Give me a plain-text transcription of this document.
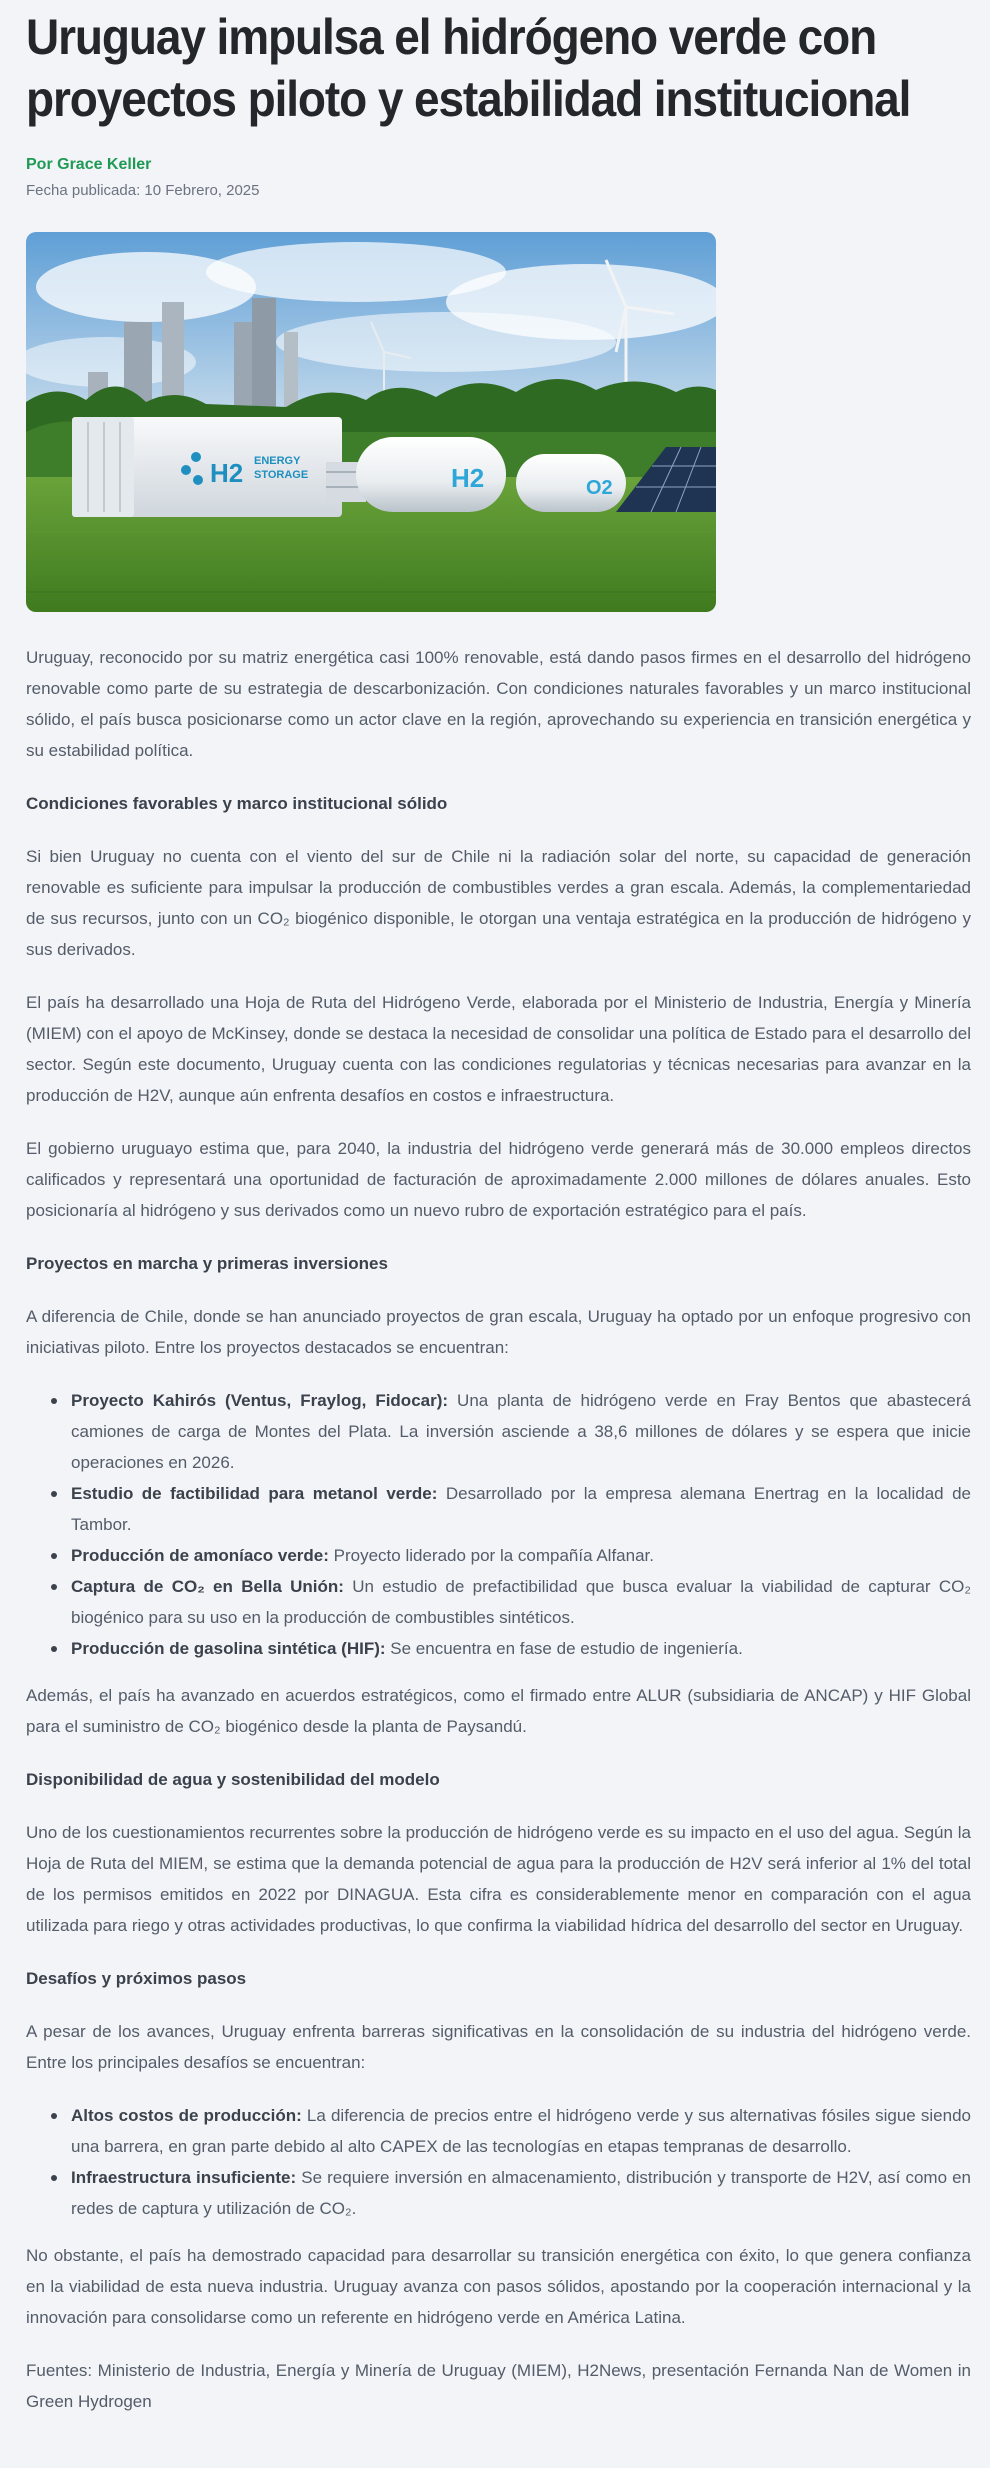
Uruguay impulsa el hidrógeno verde con proyectos piloto y estabilidad institucional
Por Grace Keller
Fecha publicada: 10 Febrero, 2025
H2 ENERGY
STORAGE	H2	O2

Uruguay, reconocido por su matriz energética casi 100% renovable, está dando pasos firmes en el desarrollo del hidrógeno renovable como parte de su estrategia de descarbonización. Con condiciones naturales favorables y un marco institucional sólido, el país busca posicionarse como un actor clave en la región, aprovechando su experiencia en transición energética y su estabilidad política.

Condiciones favorables y marco institucional sólido

Si bien Uruguay no cuenta con el viento del sur de Chile ni la radiación solar del norte, su capacidad de generación renovable es suficiente para impulsar la producción de combustibles verdes a gran escala. Además, la complementariedad de sus recursos, junto con un CO₂ biogénico disponible, le otorgan una ventaja estratégica en la producción de hidrógeno y sus derivados.

El país ha desarrollado una Hoja de Ruta del Hidrógeno Verde, elaborada por el Ministerio de Industria, Energía y Minería (MIEM) con el apoyo de McKinsey, donde se destaca la necesidad de consolidar una política de Estado para el desarrollo del sector. Según este documento, Uruguay cuenta con las condiciones regulatorias y técnicas necesarias para avanzar en la producción de H2V, aunque aún enfrenta desafíos en costos e infraestructura.

El gobierno uruguayo estima que, para 2040, la industria del hidrógeno verde generará más de 30.000 empleos directos calificados y representará una oportunidad de facturación de aproximadamente 2.000 millones de dólares anuales. Esto posicionaría al hidrógeno y sus derivados como un nuevo rubro de exportación estratégico para el país.

Proyectos en marcha y primeras inversiones

A diferencia de Chile, donde se han anunciado proyectos de gran escala, Uruguay ha optado por un enfoque progresivo con iniciativas piloto. Entre los proyectos destacados se encuentran:

Proyecto Kahirós (Ventus, Fraylog, Fidocar): Una planta de hidrógeno verde en Fray Bentos que abastecerá camiones de carga de Montes del Plata. La inversión asciende a 38,6 millones de dólares y se espera que inicie operaciones en 2026.
Estudio de factibilidad para metanol verde: Desarrollado por la empresa alemana Enertrag en la localidad de Tambor.
Producción de amoníaco verde: Proyecto liderado por la compañía Alfanar.
Captura de CO₂ en Bella Unión: Un estudio de prefactibilidad que busca evaluar la viabilidad de capturar CO₂ biogénico para su uso en la producción de combustibles sintéticos.
Producción de gasolina sintética (HIF): Se encuentra en fase de estudio de ingeniería.

Además, el país ha avanzado en acuerdos estratégicos, como el firmado entre ALUR (subsidiaria de ANCAP) y HIF Global para el suministro de CO₂ biogénico desde la planta de Paysandú.

Disponibilidad de agua y sostenibilidad del modelo

Uno de los cuestionamientos recurrentes sobre la producción de hidrógeno verde es su impacto en el uso del agua. Según la Hoja de Ruta del MIEM, se estima que la demanda potencial de agua para la producción de H2V será inferior al 1% del total de los permisos emitidos en 2022 por DINAGUA. Esta cifra es considerablemente menor en comparación con el agua utilizada para riego y otras actividades productivas, lo que confirma la viabilidad hídrica del desarrollo del sector en Uruguay.

Desafíos y próximos pasos

A pesar de los avances, Uruguay enfrenta barreras significativas en la consolidación de su industria del hidrógeno verde. Entre los principales desafíos se encuentran:

Altos costos de producción: La diferencia de precios entre el hidrógeno verde y sus alternativas fósiles sigue siendo una barrera, en gran parte debido al alto CAPEX de las tecnologías en etapas tempranas de desarrollo.
Infraestructura insuficiente: Se requiere inversión en almacenamiento, distribución y transporte de H2V, así como en redes de captura y utilización de CO₂.

No obstante, el país ha demostrado capacidad para desarrollar su transición energética con éxito, lo que genera confianza en la viabilidad de esta nueva industria. Uruguay avanza con pasos sólidos, apostando por la cooperación internacional y la innovación para consolidarse como un referente en hidrógeno verde en América Latina.

Fuentes: Ministerio de Industria, Energía y Minería de Uruguay (MIEM), H2News, presentación Fernanda Nan de Women in Green Hydrogen
